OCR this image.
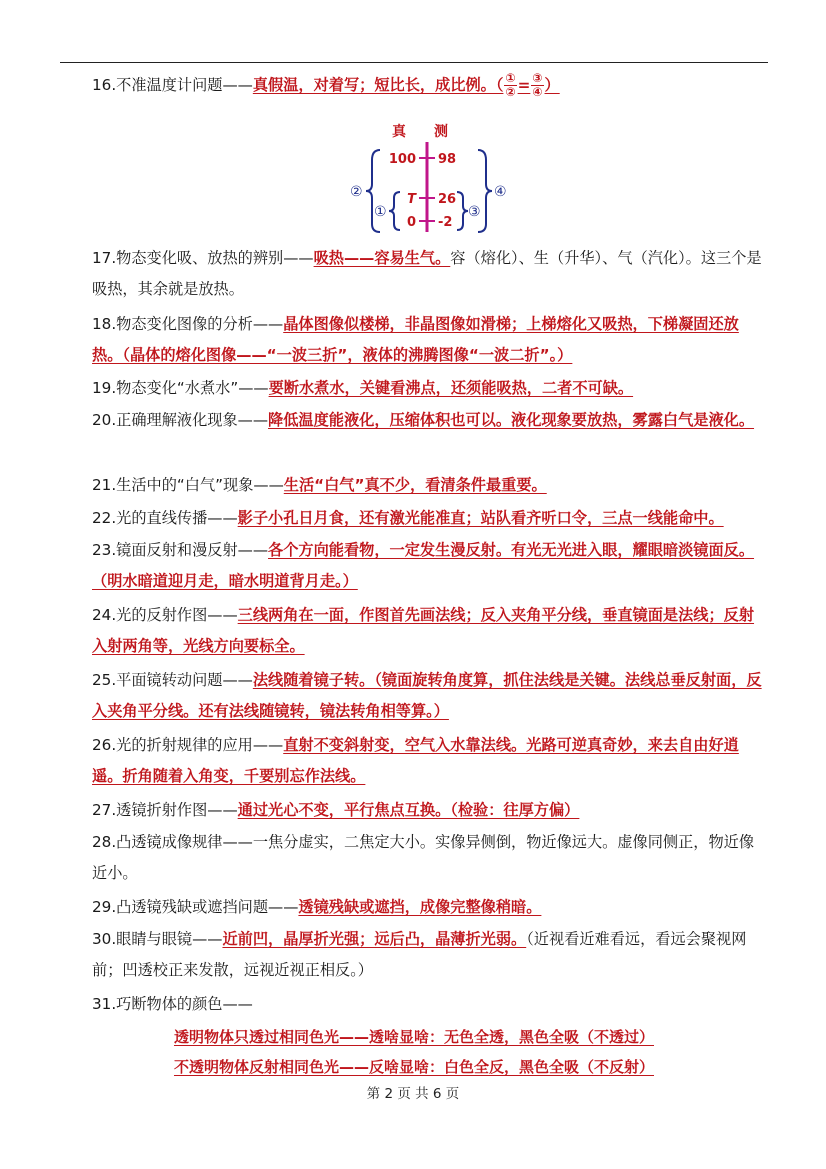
16.不准温度计问题——真假温，对着写；短比长，成比例。（ $\frac{\text{①}}{\text{②}} = \frac{\text{③}}{\text{④}}$ ）
真 测
100 98
T 26
0 -2
②
①	③
④
17.物态变化吸、放热的辨别——吸热——容易生气。容（熔化）、生（升华）、气（汽化）。这三个是吸热，其余就是放热。
18.物态变化图像的分析——晶体图像似楼梯，非晶图像如滑梯；上梯熔化又吸热，下梯凝固还放热。（晶体的熔化图像——“一波三折”，液体的沸腾图像“一波二折”。）
19.物态变化“水煮水”——要断水煮水，关键看沸点，还须能吸热，二者不可缺。
20.正确理解液化现象——降低温度能液化，压缩体积也可以。液化现象要放热，雾露白气是液化。
21.生活中的“白气”现象——生活“白气”真不少，看清条件最重要。
22.光的直线传播——影子小孔日月食，还有激光能准直；站队看齐听口令，三点一线能命中。
23.镜面反射和漫反射——各个方向能看物，一定发生漫反射。有光无光进入眼，耀眼暗淡镜面反。（明水暗道迎月走，暗水明道背月走。）
24.光的反射作图——三线两角在一面，作图首先画法线；反入夹角平分线，垂直镜面是法线；反射入射两角等，光线方向要标全。
25.平面镜转动问题——法线随着镜子转。（镜面旋转角度算，抓住法线是关键。法线总垂反射面，反入夹角平分线。还有法线随镜转，镜法转角相等算。）
26.光的折射规律的应用——直射不变斜射变，空气入水靠法线。光路可逆真奇妙，来去自由好逍遥。折角随着入角变，千要别忘作法线。
27.透镜折射作图——通过光心不变，平行焦点互换。（检验：往厚方偏）
28.凸透镜成像规律——一焦分虚实，二焦定大小。实像异侧倒，物近像远大。虚像同侧正，物近像近小。
29.凸透镜残缺或遮挡问题——透镜残缺或遮挡，成像完整像稍暗。
30.眼睛与眼镜——近前凹，晶厚折光强；远后凸，晶薄折光弱。（近视看近难看远，看远会聚视网前；凹透校正来发散，远视近视正相反。）
31.巧断物体的颜色——
透明物体只透过相同色光——透啥显啥：无色全透，黑色全吸（不透过）
不透明物体反射相同色光——反啥显啥：白色全反，黑色全吸（不反射）
第 2 页 共 6 页
